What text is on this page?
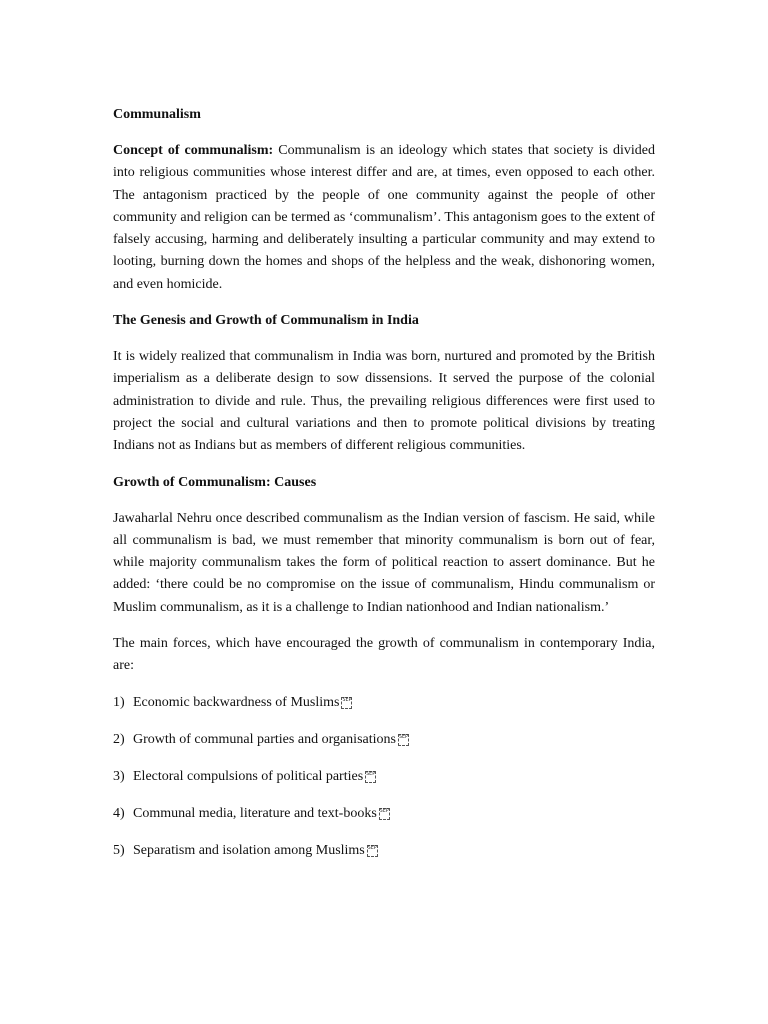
Communalism

Concept of communalism: Communalism is an ideology which states that society is divided into religious communities whose interest differ and are, at times, even opposed to each other. The antagonism practiced by the people of one community against the people of other community and religion can be termed as ‘communalism’. This antagonism goes to the extent of falsely accusing, harming and deliberately insulting a particular community and may extend to looting, burning down the homes and shops of the helpless and the weak, dishonoring women, and even homicide.

The Genesis and Growth of Communalism in India

It is widely realized that communalism in India was born, nurtured and promoted by the British imperialism as a deliberate design to sow dissensions. It served the purpose of the colonial administration to divide and rule. Thus, the prevailing religious differences were first used to project the social and cultural variations and then to promote political divisions by treating Indians not as Indians but as members of different religious communities.

Growth of Communalism: Causes

Jawaharlal Nehru once described communalism as the Indian version of fascism. He said, while all communalism is bad, we must remember that minority communalism is born out of fear, while majority communalism takes the form of political reaction to assert dominance. But he added: ‘there could be no compromise on the issue of communalism, Hindu communalism or Muslim communalism, as it is a challenge to Indian nationhood and Indian nationalism.’

The main forces, which have encouraged the growth of communalism in contemporary India, are:

1) Economic backwardness of Muslims SEP
2) Growth of communal parties and organisations SEP
3) Electoral compulsions of political parties SEP
4) Communal media, literature and text-books SEP
5) Separatism and isolation among Muslims SEP
